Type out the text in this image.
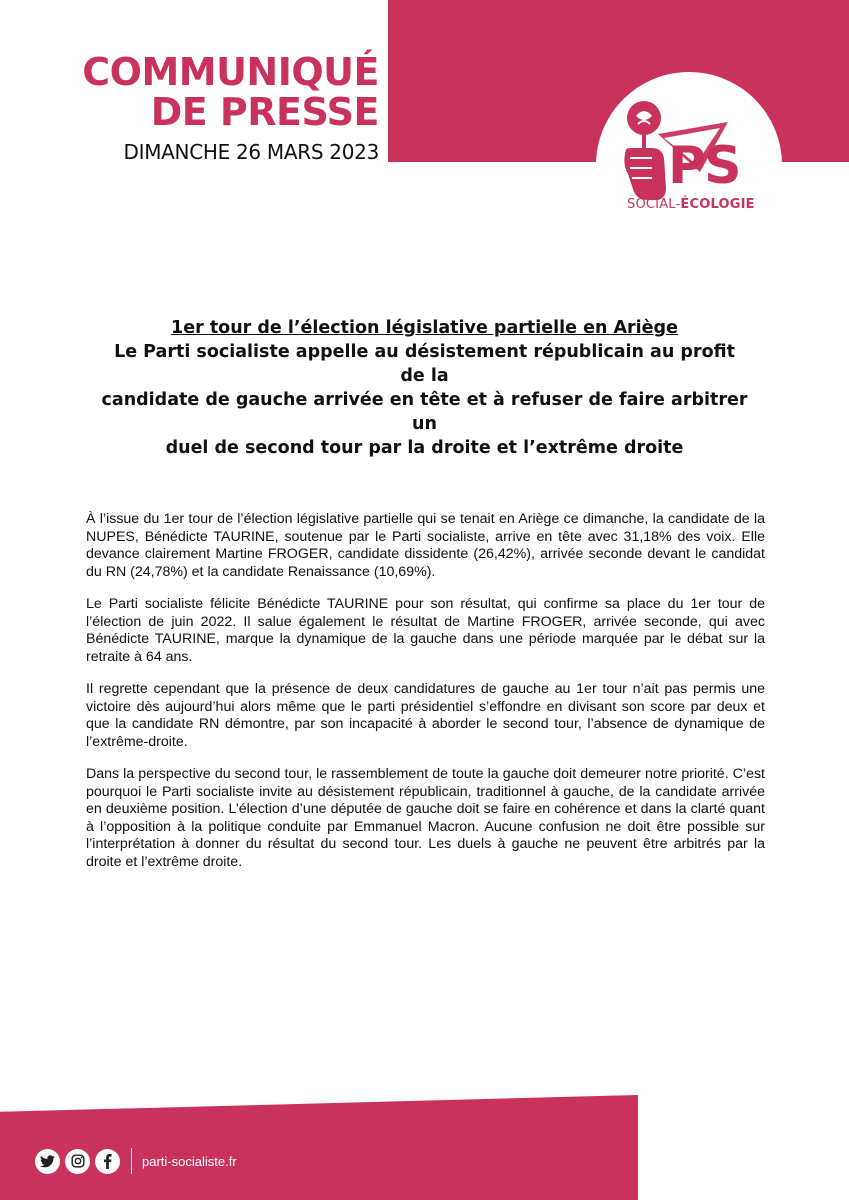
COMMUNIQUÉ
DE PRESSE
DIMANCHE 26 MARS 2023	PS
SOCIAL-ÉCOLOGIE
1er tour de l’élection législative partielle en Ariège
Le Parti socialiste appelle au désistement républicain au profit de la
candidate de gauche arrivée en tête et à refuser de faire arbitrer un
duel de second tour par la droite et l’extrême droite

À l’issue du 1er tour de l’élection législative partielle qui se tenait en Ariège ce dimanche, la candidate de la NUPES, Bénédicte TAURINE, soutenue par le Parti socialiste, arrive en tête avec 31,18% des voix. Elle devance clairement Martine FROGER, candidate dissidente (26,42%), arrivée seconde devant le candidat du RN (24,78%) et la candidate Renaissance (10,69%).

Le Parti socialiste félicite Bénédicte TAURINE pour son résultat, qui confirme sa place du 1er tour de l’élection de juin 2022. Il salue également le résultat de Martine FROGER, arrivée seconde, qui avec Bénédicte TAURINE, marque la dynamique de la gauche dans une période marquée par le débat sur la retraite à 64 ans.

Il regrette cependant que la présence de deux candidatures de gauche au 1er tour n’ait pas permis une victoire dès aujourd’hui alors même que le parti présidentiel s’effondre en divisant son score par deux et que la candidate RN démontre, par son incapacité à aborder le second tour, l’absence de dynamique de l’extrême-droite.

Dans la perspective du second tour, le rassemblement de toute la gauche doit demeurer notre priorité. C’est pourquoi le Parti socialiste invite au désistement républicain, traditionnel à gauche, de la candidate arrivée en deuxième position. L’élection d’une députée de gauche doit se faire en cohérence et dans la clarté quant à l’opposition à la politique conduite par Emmanuel Macron. Aucune confusion ne doit être possible sur l’interprétation à donner du résultat du second tour. Les duels à gauche ne peuvent être arbitrés par la droite et l’extrême droite.

parti-socialiste.fr
